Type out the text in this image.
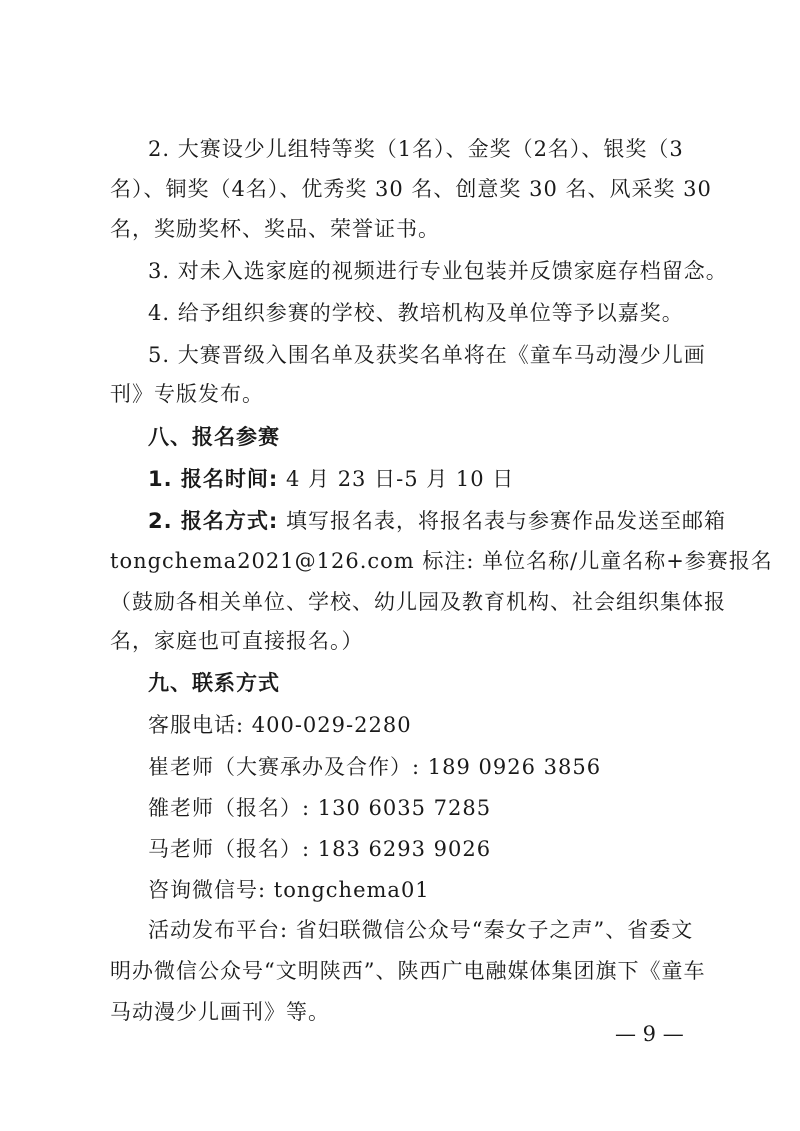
2. 大赛设少儿组特等奖（1名）、金奖（2名）、银奖（3
名）、铜奖（4名）、优秀奖 30 名、创意奖 30 名、风采奖 30
名，奖励奖杯、奖品、荣誉证书。
3. 对未入选家庭的视频进行专业包装并反馈家庭存档留念。
4. 给予组织参赛的学校、教培机构及单位等予以嘉奖。
5. 大赛晋级入围名单及获奖名单将在《童车马动漫少儿画
刊》专版发布。
八、报名参赛
1. 报名时间: 4 月 23 日-5 月 10 日
2. 报名方式: 填写报名表，将报名表与参赛作品发送至邮箱
tongchema2021@126.com 标注: 单位名称/儿童名称+参赛报名
（鼓励各相关单位、学校、幼儿园及教育机构、社会组织集体报
名，家庭也可直接报名。）
九、联系方式
客服电话: 400-029-2280
崔老师（大赛承办及合作）: 189 0926 3856
雒老师（报名）: 130 6035 7285
马老师（报名）: 183 6293 9026
咨询微信号: tongchema01
活动发布平台: 省妇联微信公众号“秦女子之声”、省委文
明办微信公众号“文明陕西”、陕西广电融媒体集团旗下《童车
马动漫少儿画刊》等。
— 9 —
